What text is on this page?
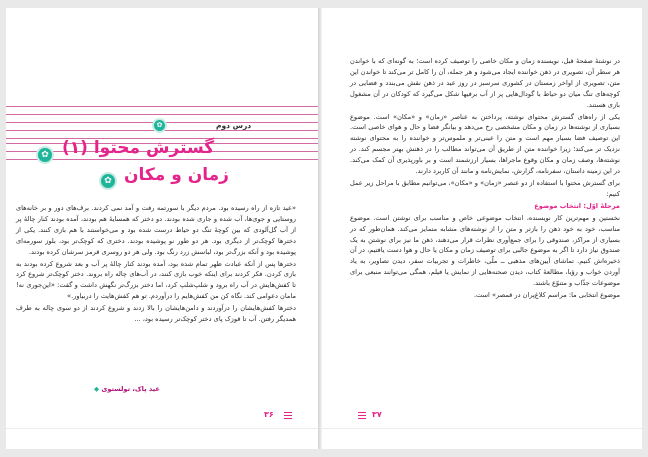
✿	درس دوم
✿ گسترش محتوا (۱)
✿ زمان و مکان

«عید تازه از راه رسیده بود. مردم دیگر با سورتمه رفت و آمد نمی کردند. برف‌های دور و بر خانه‌های روستایی و جوی‌ها، آب شده و جاری شده بودند. دو دختر که همسایهٔ هم بودند، آمده بودند کنار چالهٔ پر از آب گل‌آلودی که بین کوچهٔ تنگ دو حیاط درست شده بود و می‌خواستند با هم بازی کنند. یکی از دخترها کوچک‌تر از دیگری بود. هر دو طور نو پوشیده بودند. دختری که کوچک‌تر بود، بلوز سورمه‌ای پوشیده بود و آنکه بزرگ‌تر بود، لباسش زرد رنگ بود. ولی هر دو روسری قرمز سرشان کرده بودند.

دخترها پس از آنکه عبادت ظهر تمام شده بود، آمده بودند کنار چالهٔ پر آب و بعد شروع کرده بودند به بازی کردن. فکر کردند برای اینکه خوب بازی کنند، در آب‌های چاله راه بروند. دختر کوچک‌تر شروع کرد تا کفش‌هایش در آب راه برود و شلپ‌شلپ کرد، اما دختر بزرگ‌تر نگهش داشت و گفت: «این‌جوری نه! مامان دعوامی کند. نگاه کن من کفش‌هایم را درآوردم. تو هم کفش‌هایت را دربیاور.»

دخترها کفش‌هایشان را درآوردند و دامن‌هایشان را بالا زدند و شروع کردند از دو سوی چاله به طرف همدیگر رفتن. آب تا قوزک پای دختر کوچک‌تر رسیده بود، ...

◆ عید پاک، تولستوی
۳۶

در نوشتهٔ صفحهٔ قبل، نویسنده زمان و مکان خاصی را توصیف کرده است؛ به گونه‌ای که با خواندن هر سطر آن، تصویری در ذهن خواننده ایجاد می‌شود و هر جمله، آن را کامل تر می‌کند تا خواندن این متن، تصویری از اواخر زمستان در کشوری سرسبز در روز عید در ذهن نقش می‌بندد و فضایی در کوچه‌های تنگ میان دو حیاط با گودال‌هایی پر از آب برفیها شکل می‌گیرد که کودکان در آن مشغول بازی هستند.

یکی از راه‌های گسترش محتوای نوشته، پرداختن به عناصر «زمان» و «مکان» است. موضوع بسیاری از نوشته‌ها در زمان و مکان مشخصی رخ می‌دهد و بیانگر فضا و حال و هوای خاصی است. این توصیف فضا بسیار مهم است و متن را عینی‌تر و ملموس‌تر و خواننده را به محتوای نوشته نزدیک تر می‌کند؛ زیرا خواننده متن از طریق آن می‌تواند مطالب را در ذهنش بهتر مجسم کند. در نوشته‌ها، وصف زمان و مکان وقوع ماجراها، بسیار ارزشمند است و بر باورپذیری آن کمک می‌کند. در این زمینه داستان، سفرنامه، گزارش، نمایش‌نامه و مانند آن کاربرد دارند.

برای گسترش محتوا با استفاده از دو عنصر «زمان» و «مکان»، می‌توانیم مطابق با مراحل زیر عمل کنیم:

مرحلهٔ اوّل: انتخاب موضوع

نخستین و مهم‌ترین کار نویسنده، انتخاب موضوعی خاص و مناسب برای نوشتن است. موضوع مناسب، خود به خود ذهن را بازتر و متن را از نوشته‌های مشابه متمایز می‌کند. همان‌طور که در بسیاری از مراکز، صندوقی را برای جمع‌آوری نظرات قرار می‌دهند، ذهن ما نیز برای نوشتن به یک صندوق نیاز دارد تا اگر به موضوع جالبی برای توصیف زمان و مکان یا حال و هوا دست یافتیم، در آن ذخیره‌اش کنیم. تماشای آیین‌های مذهبی ــ ملّی، خاطرات و تجربیات سفر، دیدن تصاویر، به یاد آوردن خواب و رؤیا، مطالعهٔ کتاب، دیدن صحنه‌هایی از نمایش یا فیلم، همگی می‌توانند منبعی برای موضوعات جذّاب و متنوّع باشند.

موضوع انتخابی ما: مراسم کلاغ‌پران در قمصر» است.

۳۷
